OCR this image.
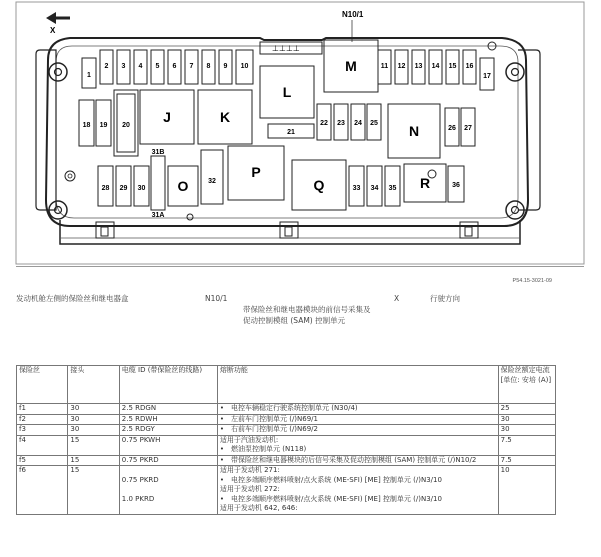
X
N10/1
⊥⊥⊥⊥
1
2 3 4 5 6 7 8 9 10	11 12 13 14 15 16
17
18 19 20
21
22 23 24 25
26 27
28 29 30
31B
31A
32
33 34 35	36
J	K
L
M
N
O
P
Q	R
P54.15-3021-09
发动机舱左侧的保险丝和继电器盒	N10/1
带保险丝和继电器模块的前信号采集及促动控制模组 (SAM) 控制单元
X	行驶方向
保险丝	接头	电缆 ID (带保险丝的线路)	熔断功能	保险丝额定电流 [单位: 安培 (A)]
f1	30	2.5 RDGN	•　电控车辆稳定行驶系统控制单元 (N30/4)	25
f2	30	2.5 RDWH	•　左前车门控制单元 (/)N69/1	30
f3	30	2.5 RDGY	•　右前车门控制单元 (/)N69/2	30
f4	15	0.75 PKWH	适用于汽油发动机:
•　燃油泵控制单元 (N118)	7.5
f5	15	0.75 PKRD	•　带保险丝和继电器模块的后信号采集及促动控制模组 (SAM) 控制单元 (/)N10/2	7.5
f6	15	0.75 PKRD
1.0 PKRD	适用于发动机 271:
•　电控多端顺序燃料喷射/点火系统 (ME-SFI) [ME] 控制单元 (/)N3/10
适用于发动机 272:
•　电控多端顺序燃料喷射/点火系统 (ME-SFI) [ME] 控制单元 (/)N3/10
适用于发动机 642, 646:	10
